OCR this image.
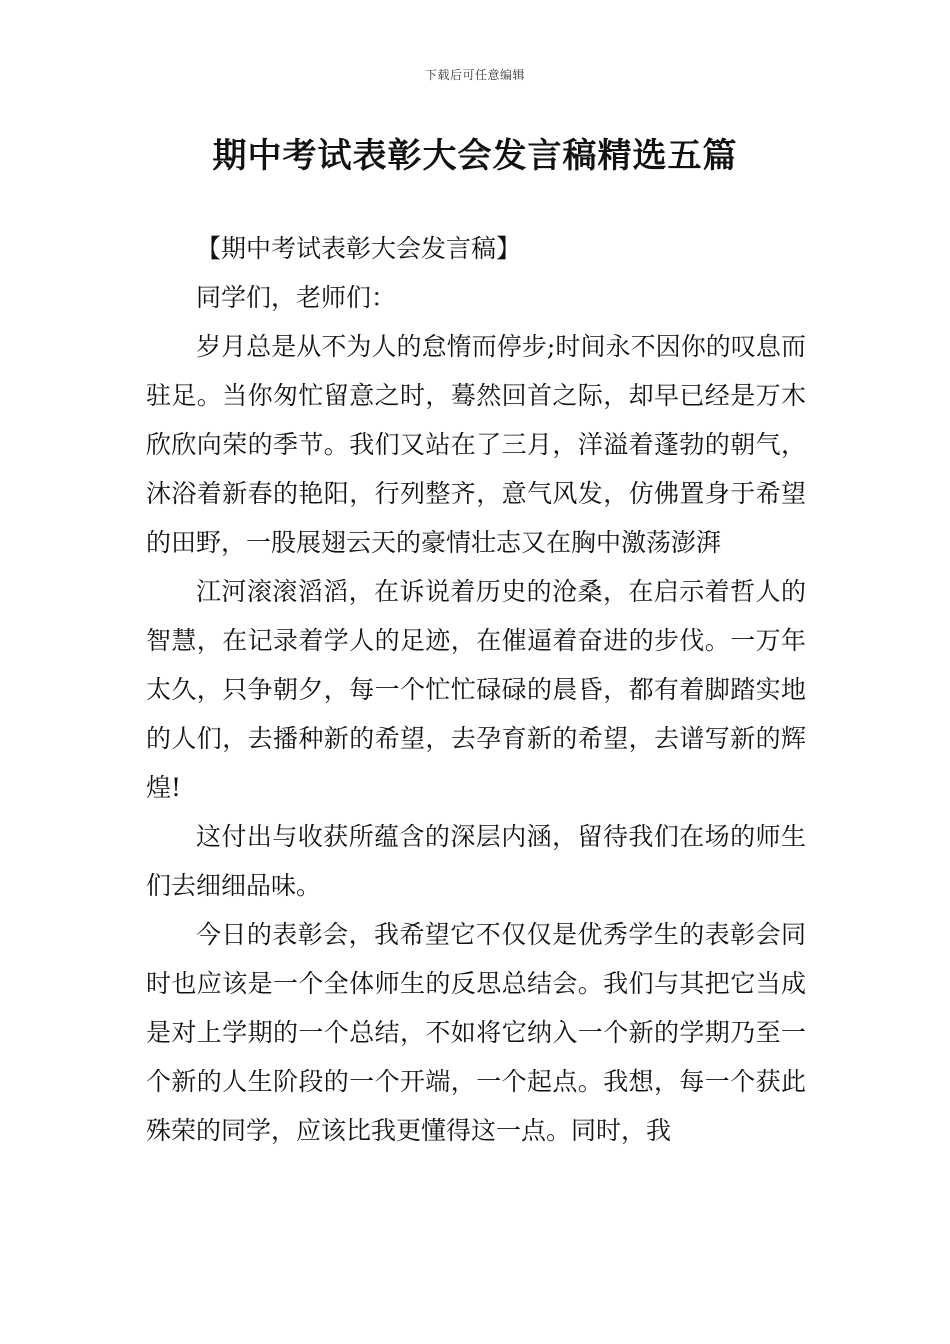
下载后可任意编辑
期中考试表彰大会发言稿精选五篇

【期中考试表彰大会发言稿】

同学们，老师们：

岁月总是从不为人的怠惰而停步;时间永不因你的叹息而驻足。当你匆忙留意之时，蓦然回首之际，却早已经是万木欣欣向荣的季节。我们又站在了三月，洋溢着蓬勃的朝气，沐浴着新春的艳阳，行列整齐，意气风发，仿佛置身于希望的田野，一股展翅云天的豪情壮志又在胸中激荡澎湃

江河滚滚滔滔，在诉说着历史的沧桑，在启示着哲人的智慧，在记录着学人的足迹，在催逼着奋进的步伐。一万年太久，只争朝夕，每一个忙忙碌碌的晨昏，都有着脚踏实地的人们，去播种新的希望，去孕育新的希望，去谱写新的辉煌!

这付出与收获所蕴含的深层内涵，留待我们在场的师生们去细细品味。

今日的表彰会，我希望它不仅仅是优秀学生的表彰会同时也应该是一个全体师生的反思总结会。我们与其把它当成是对上学期的一个总结，不如将它纳入一个新的学期乃至一个新的人生阶段的一个开端，一个起点。我想，每一个获此殊荣的同学，应该比我更懂得这一点。同时，我
